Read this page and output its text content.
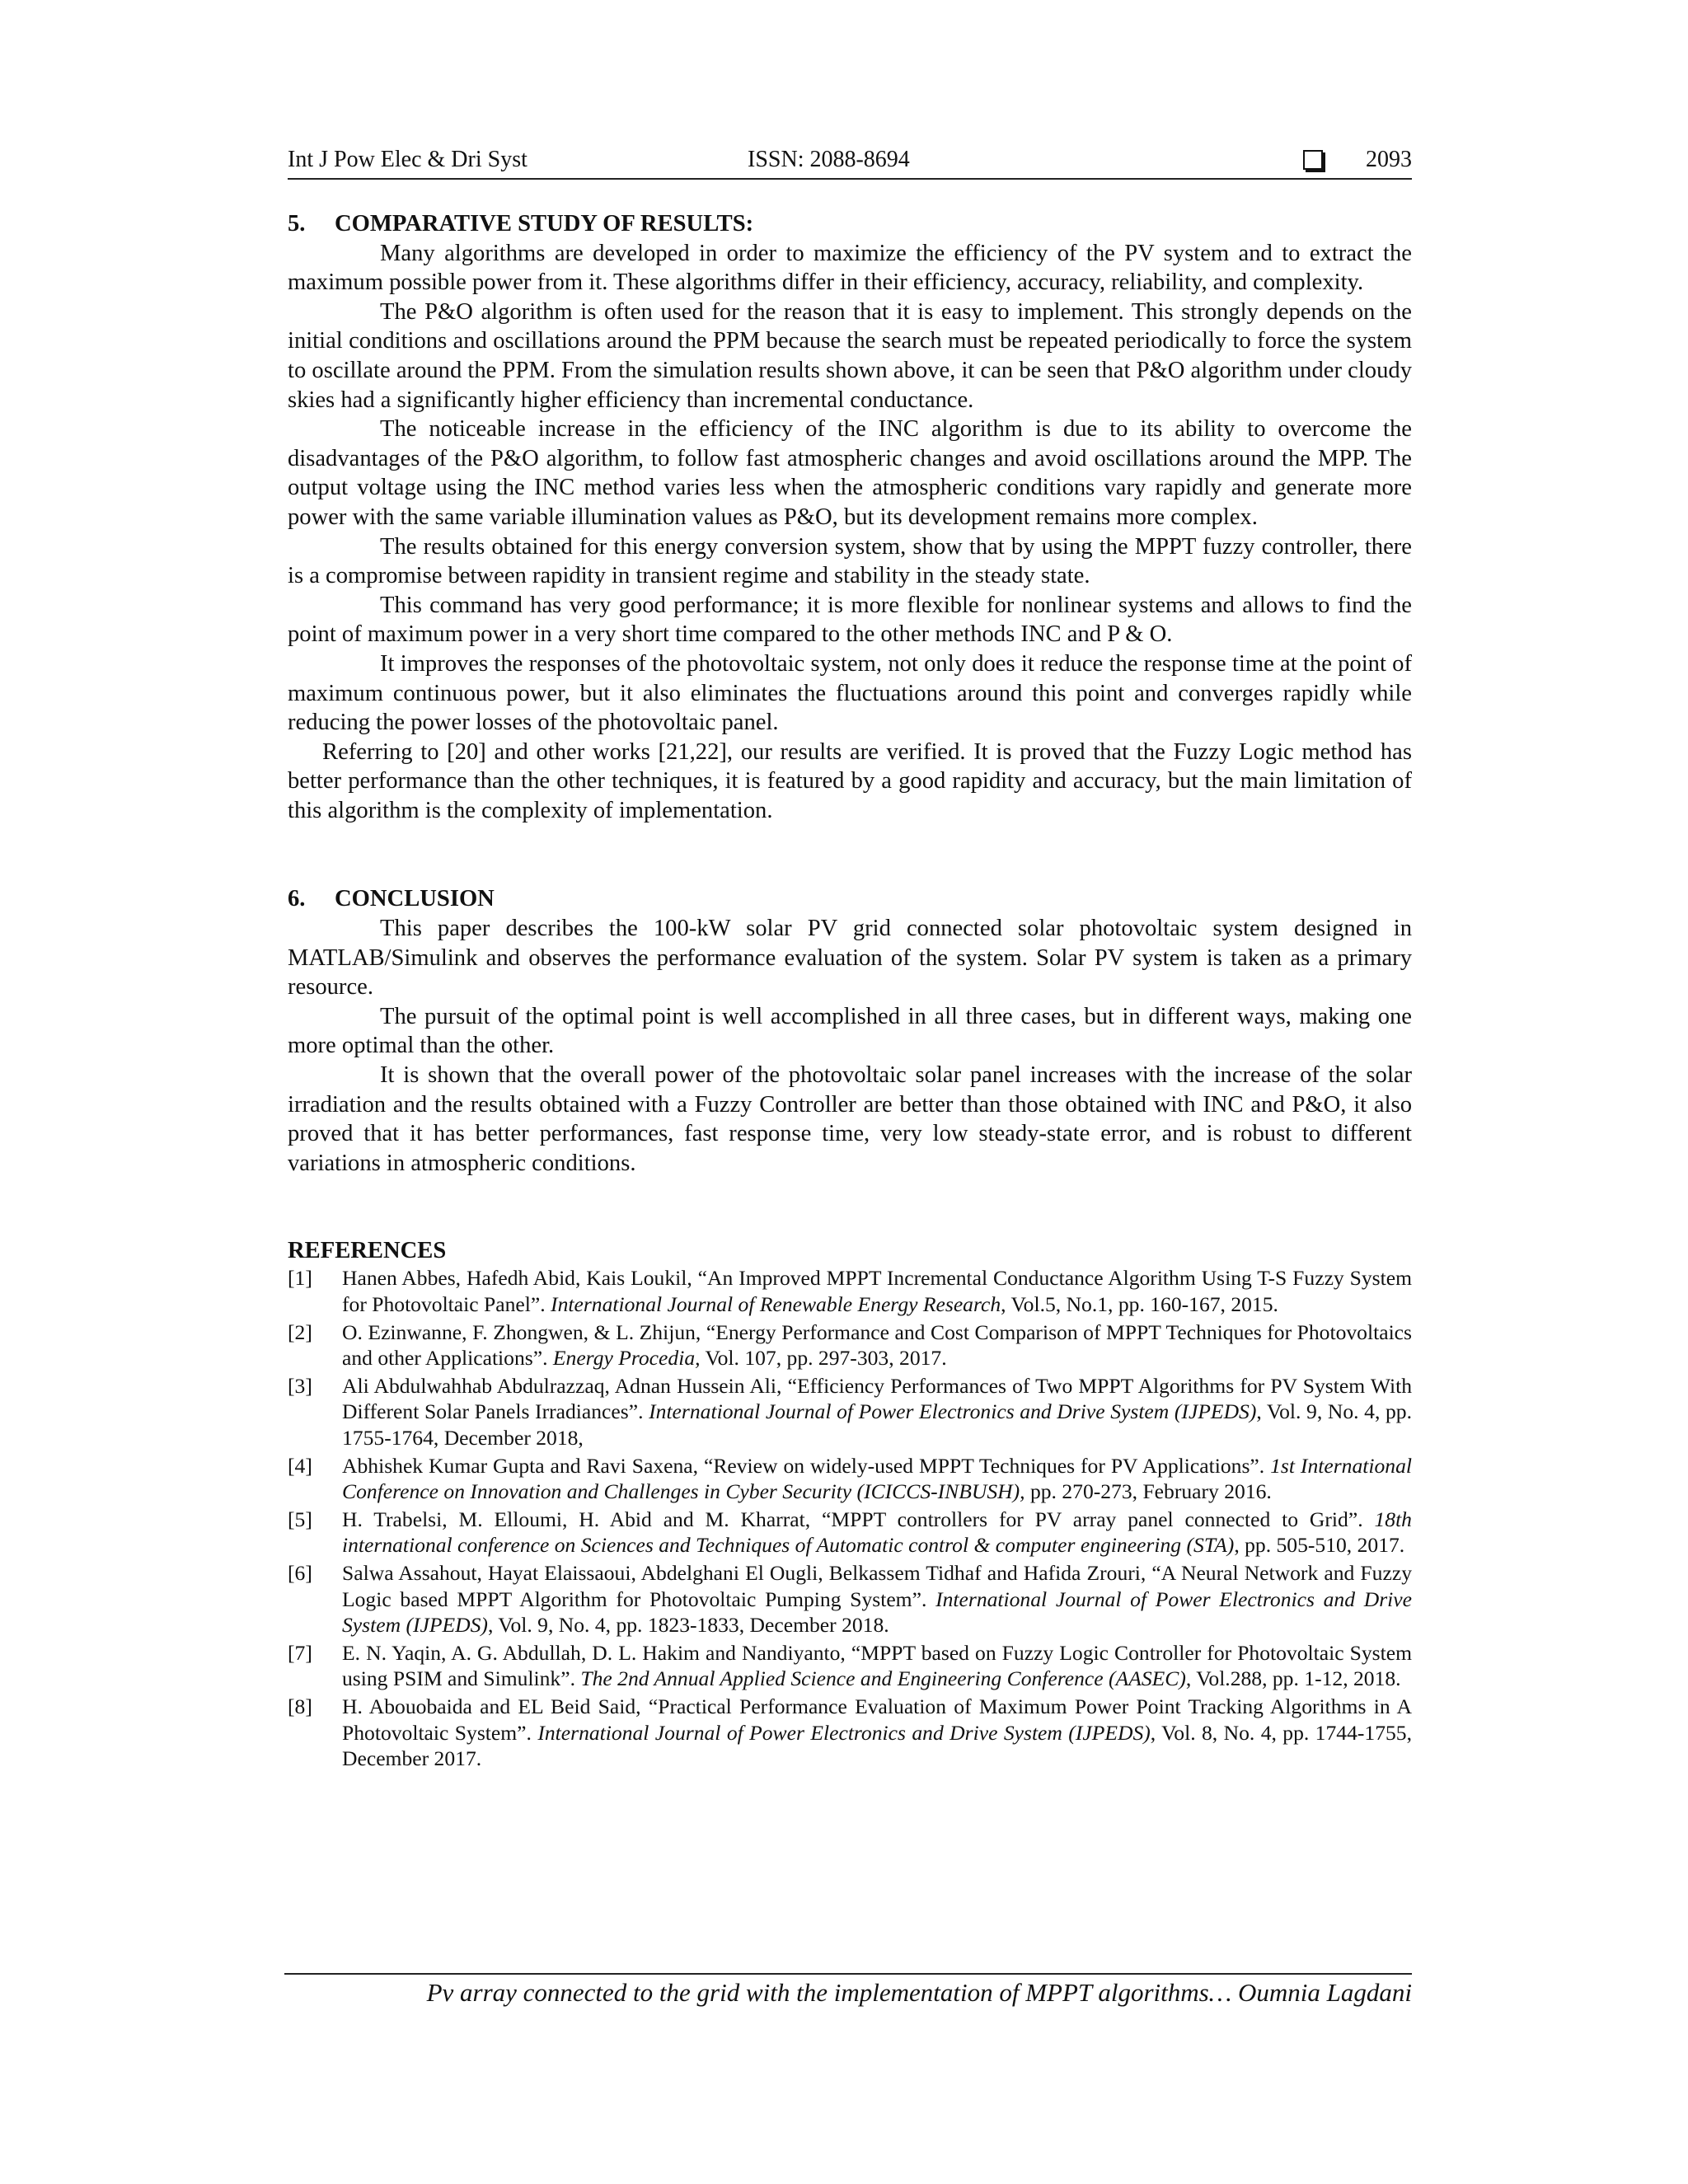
Int J Pow Elec & Dri Syst	ISSN: 2088-8694	2093
5. COMPARATIVE STUDY OF RESULTS:

Many algorithms are developed in order to maximize the efficiency of the PV system and to extract the maximum possible power from it. These algorithms differ in their efficiency, accuracy, reliability, and complexity.

The P&O algorithm is often used for the reason that it is easy to implement. This strongly depends on the initial conditions and oscillations around the PPM because the search must be repeated periodically to force the system to oscillate around the PPM. From the simulation results shown above, it can be seen that P&O algorithm under cloudy skies had a significantly higher efficiency than incremental conductance.

The noticeable increase in the efficiency of the INC algorithm is due to its ability to overcome the disadvantages of the P&O algorithm, to follow fast atmospheric changes and avoid oscillations around the MPP. The output voltage using the INC method varies less when the atmospheric conditions vary rapidly and generate more power with the same variable illumination values as P&O, but its development remains more complex.

The results obtained for this energy conversion system, show that by using the MPPT fuzzy controller, there is a compromise between rapidity in transient regime and stability in the steady state.

This command has very good performance; it is more flexible for nonlinear systems and allows to find the point of maximum power in a very short time compared to the other methods INC and P & O.

It improves the responses of the photovoltaic system, not only does it reduce the response time at the point of maximum continuous power, but it also eliminates the fluctuations around this point and converges rapidly while reducing the power losses of the photovoltaic panel.

Referring to [20] and other works [21,22], our results are verified. It is proved that the Fuzzy Logic method has better performance than the other techniques, it is featured by a good rapidity and accuracy, but the main limitation of this algorithm is the complexity of implementation.

6. CONCLUSION

This paper describes the 100-kW solar PV grid connected solar photovoltaic system designed in MATLAB/Simulink and observes the performance evaluation of the system. Solar PV system is taken as a primary resource.

The pursuit of the optimal point is well accomplished in all three cases, but in different ways, making one more optimal than the other.

It is shown that the overall power of the photovoltaic solar panel increases with the increase of the solar irradiation and the results obtained with a Fuzzy Controller are better than those obtained with INC and P&O, it also proved that it has better performances, fast response time, very low steady-state error, and is robust to different variations in atmospheric conditions.

REFERENCES
[1] Hanen Abbes, Hafedh Abid, Kais Loukil, “An Improved MPPT Incremental Conductance Algorithm Using T-S Fuzzy System for Photovoltaic Panel”. International Journal of Renewable Energy Research, Vol.5, No.1, pp. 160-167, 2015.
[2] O. Ezinwanne, F. Zhongwen, & L. Zhijun, “Energy Performance and Cost Comparison of MPPT Techniques for Photovoltaics and other Applications”. Energy Procedia, Vol. 107, pp. 297-303, 2017.
[3] Ali Abdulwahhab Abdulrazzaq, Adnan Hussein Ali, “Efficiency Performances of Two MPPT Algorithms for PV System With Different Solar Panels Irradiances”. International Journal of Power Electronics and Drive System (IJPEDS), Vol. 9, No. 4, pp. 1755-1764, December 2018,
[4] Abhishek Kumar Gupta and Ravi Saxena, “Review on widely-used MPPT Techniques for PV Applications”. 1st International Conference on Innovation and Challenges in Cyber Security (ICICCS-INBUSH), pp. 270-273, February 2016.
[5] H. Trabelsi, M. Elloumi, H. Abid and M. Kharrat, “MPPT controllers for PV array panel connected to Grid”. 18th international conference on Sciences and Techniques of Automatic control & computer engineering (STA), pp. 505-510, 2017.
[6] Salwa Assahout, Hayat Elaissaoui, Abdelghani El Ougli, Belkassem Tidhaf and Hafida Zrouri, “A Neural Network and Fuzzy Logic based MPPT Algorithm for Photovoltaic Pumping System”. International Journal of Power Electronics and Drive System (IJPEDS), Vol. 9, No. 4, pp. 1823-1833, December 2018.
[7] E. N. Yaqin, A. G. Abdullah, D. L. Hakim and Nandiyanto, “MPPT based on Fuzzy Logic Controller for Photovoltaic System using PSIM and Simulink”. The 2nd Annual Applied Science and Engineering Conference (AASEC), Vol.288, pp. 1-12, 2018.
[8] H. Abouobaida and EL Beid Said, “Practical Performance Evaluation of Maximum Power Point Tracking Algorithms in A Photovoltaic System”. International Journal of Power Electronics and Drive System (IJPEDS), Vol. 8, No. 4, pp. 1744-1755, December 2017.
Pv array connected to the grid with the implementation of MPPT algorithms… Oumnia Lagdani
